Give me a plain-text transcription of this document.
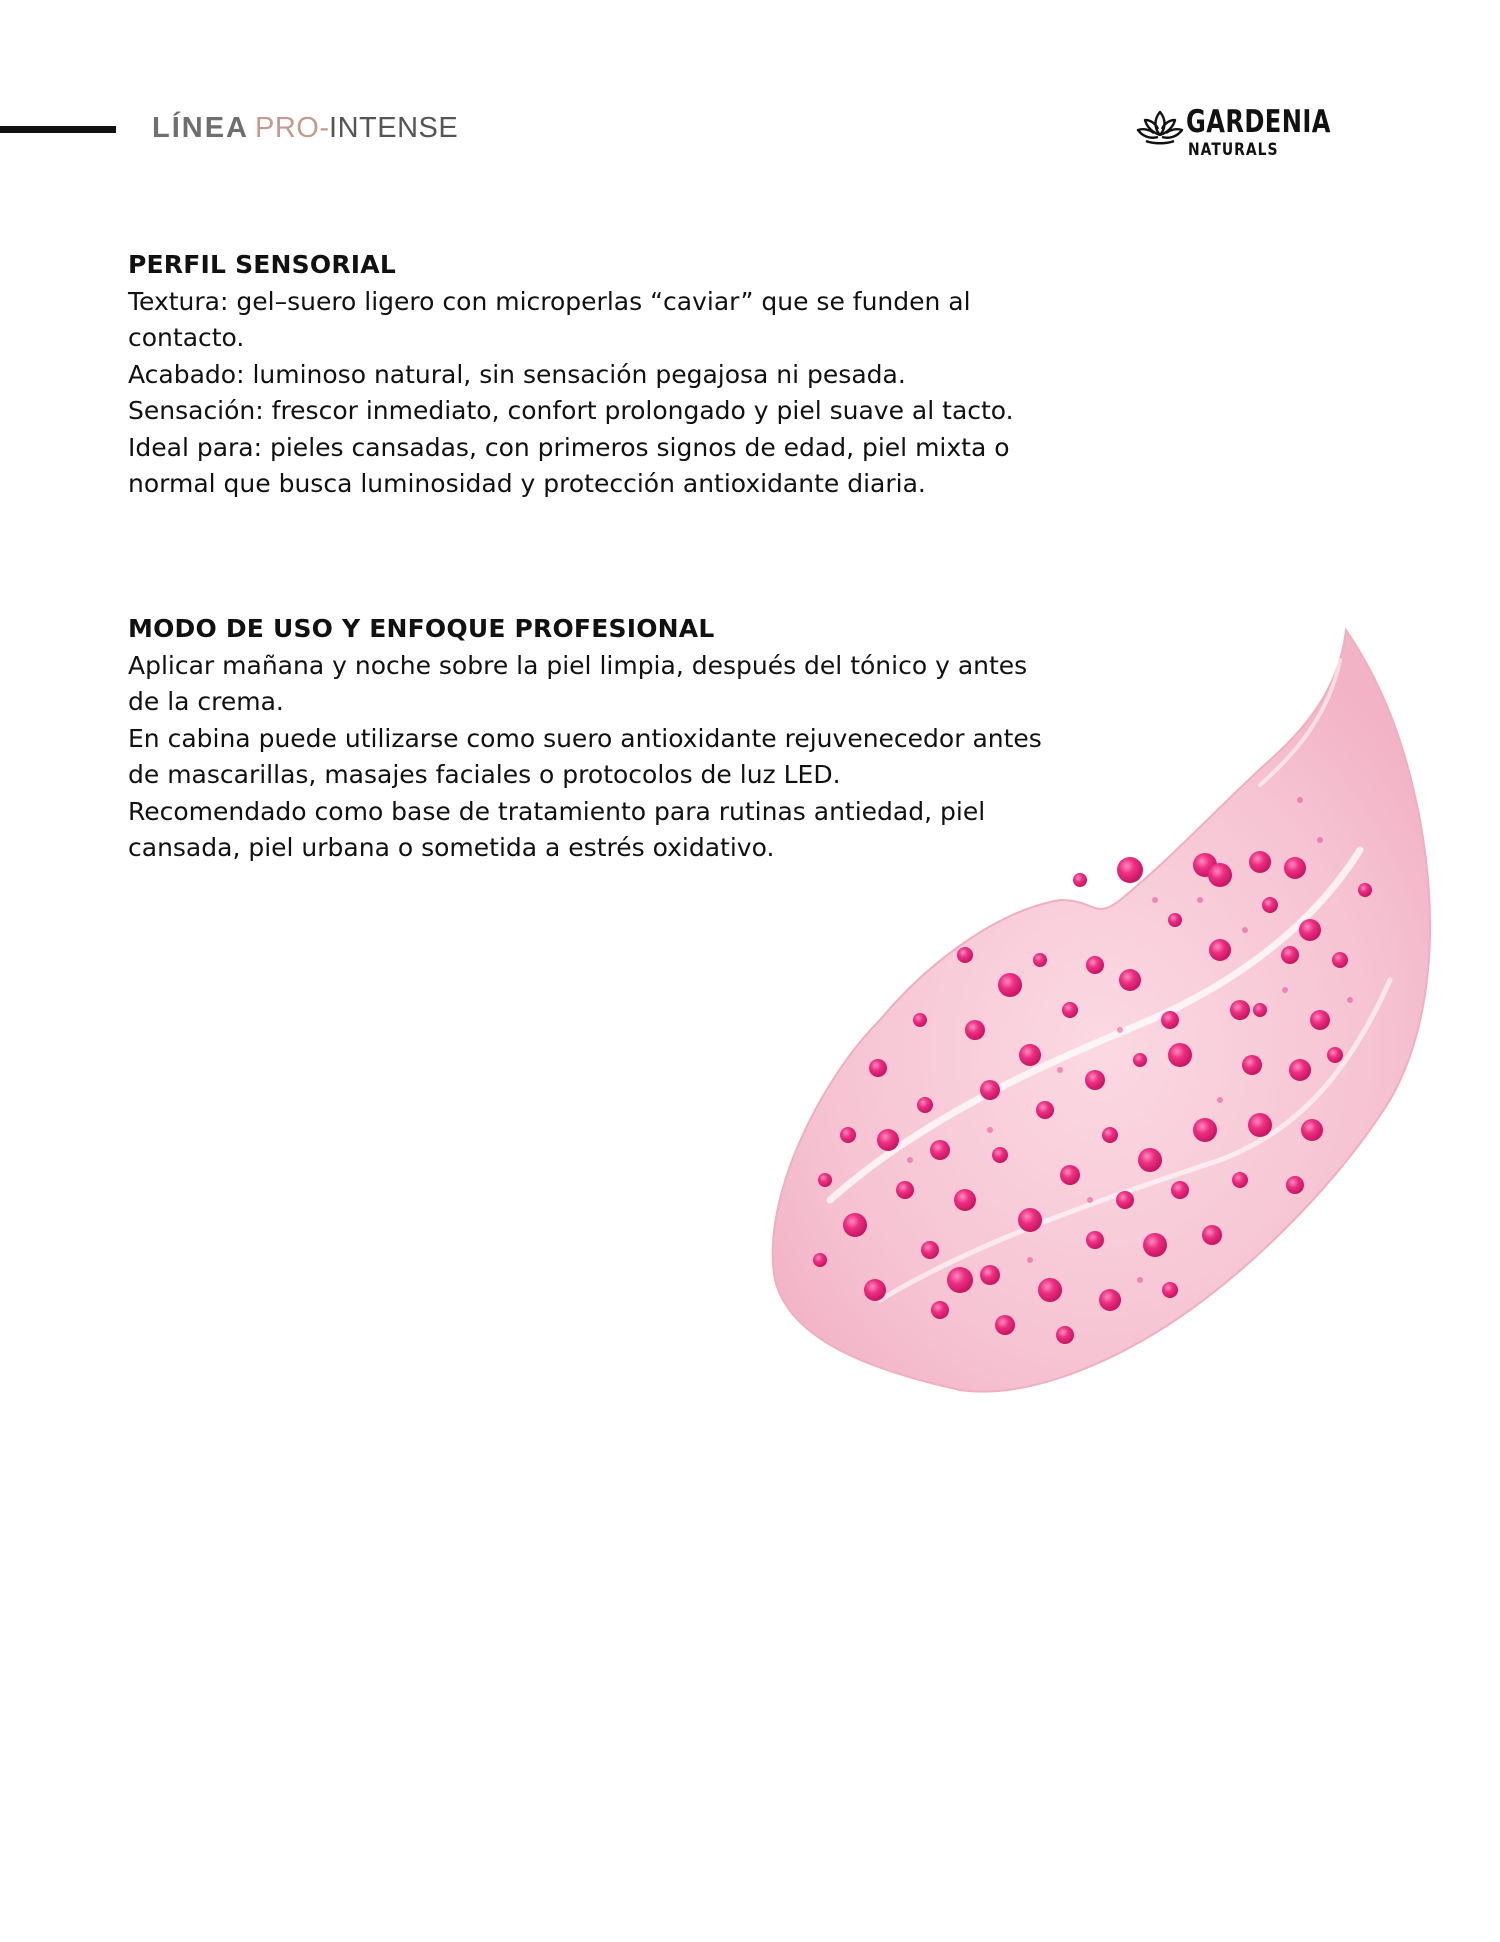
LÍNEA PRO - INTENSE	GARDENIA
NATURALS
PERFIL SENSORIAL

Textura: gel–suero ligero con microperlas “caviar” que se funden al contacto.

Acabado: luminoso natural, sin sensación pegajosa ni pesada.

Sensación: frescor inmediato, confort prolongado y piel suave al tacto.

Ideal para: pieles cansadas, con primeros signos de edad, piel mixta o normal que busca luminosidad y protección antioxidante diaria.

MODO DE USO Y ENFOQUE PROFESIONAL

Aplicar mañana y noche sobre la piel limpia, después del tónico y antes de la crema.

En cabina puede utilizarse como suero antioxidante rejuvenecedor antes de mascarillas, masajes faciales o protocolos de luz LED.

Recomendado como base de tratamiento para rutinas antiedad, piel cansada, piel urbana o sometida a estrés oxidativo.
